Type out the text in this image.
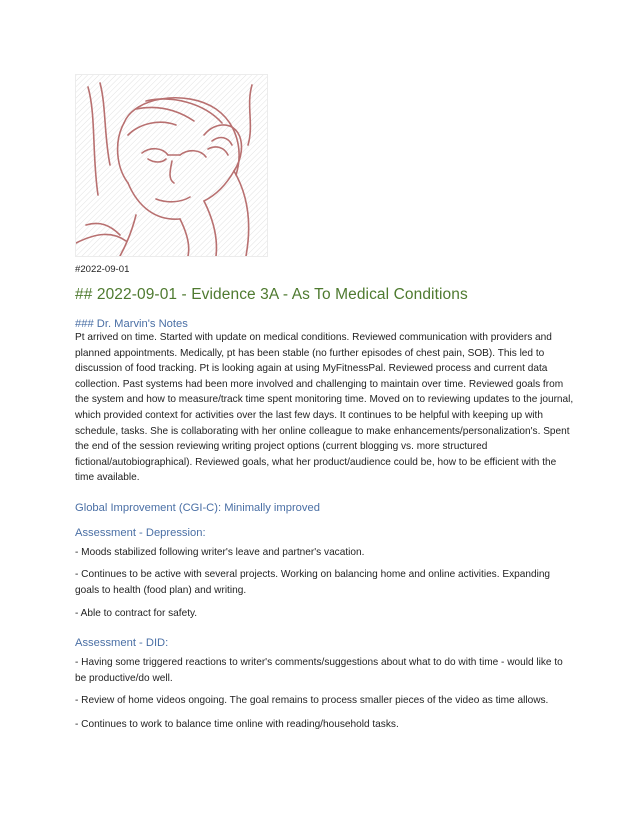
#2022-09-01
## 2022-09-01 - Evidence 3A - As To Medical Conditions
### Dr. Marvin's Notes

Pt arrived on time. Started with update on medical conditions. Reviewed communication with providers and planned appointments. Medically, pt has been stable (no further episodes of chest pain, SOB). This led to discussion of food tracking. Pt is looking again at using MyFitnessPal. Reviewed process and current data collection. Past systems had been more involved and challenging to maintain over time. Reviewed goals from the system and how to measure/track time spent monitoring time. Moved on to reviewing updates to the journal, which provided context for activities over the last few days. It continues to be helpful with keeping up with schedule, tasks. She is collaborating with her online colleague to make enhancements/personalization's. Spent the end of the session reviewing writing project options (current blogging vs. more structured fictional/autobiographical). Reviewed goals, what her product/audience could be, how to be efficient with the time available.

Global Improvement (CGI-C): Minimally improved
Assessment - Depression:

- Moods stabilized following writer's leave and partner's vacation.

- Continues to be active with several projects. Working on balancing home and online activities. Expanding goals to health (food plan) and writing.

- Able to contract for safety.

Assessment - DID:

- Having some triggered reactions to writer's comments/suggestions about what to do with time - would like to be productive/do well.

- Review of home videos ongoing. The goal remains to process smaller pieces of the video as time allows.

- Continues to work to balance time online with reading/household tasks.
